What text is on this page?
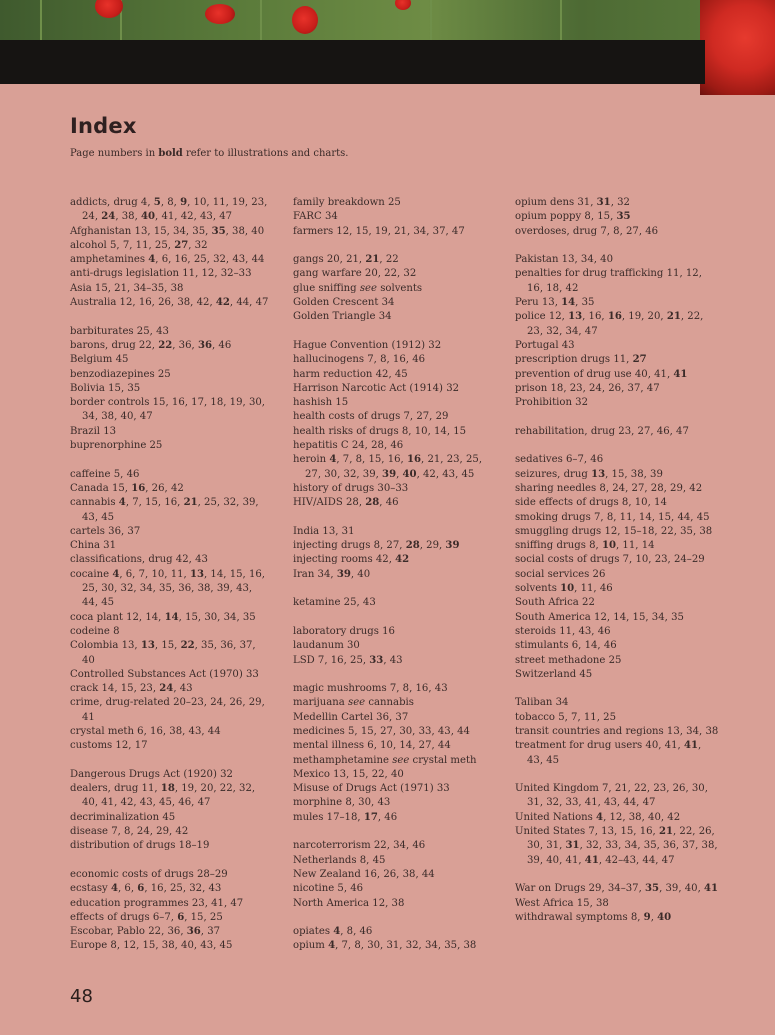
Index
Page numbers in bold refer to illustrations and charts.
addicts, drug 4, 5, 8, 9, 10, 11, 19, 23, 24, 24, 38, 40, 41, 42, 43, 47
Afghanistan 13, 15, 34, 35, 35, 38, 40
alcohol 5, 7, 11, 25, 27, 32
amphetamines 4, 6, 16, 25, 32, 43, 44
anti-drugs legislation 11, 12, 32–33
Asia 15, 21, 34–35, 38
Australia 12, 16, 26, 38, 42, 42, 44, 47
barbiturates 25, 43
barons, drug 22, 22, 36, 36, 46
Belgium 45
benzodiazepines 25
Bolivia 15, 35
border controls 15, 16, 17, 18, 19, 30, 34, 38, 40, 47
Brazil 13
buprenorphine 25
caffeine 5, 46
Canada 15, 16, 26, 42
cannabis 4, 7, 15, 16, 21, 25, 32, 39, 43, 45
cartels 36, 37
China 31
classifications, drug 42, 43
cocaine 4, 6, 7, 10, 11, 13, 14, 15, 16, 25, 30, 32, 34, 35, 36, 38, 39, 43, 44, 45
coca plant 12, 14, 14, 15, 30, 34, 35
codeine 8
Colombia 13, 13, 15, 22, 35, 36, 37, 40
Controlled Substances Act (1970) 33
crack 14, 15, 23, 24, 43
crime, drug-related 20–23, 24, 26, 29, 41
crystal meth 6, 16, 38, 43, 44
customs 12, 17
Dangerous Drugs Act (1920) 32
dealers, drug 11, 18, 19, 20, 22, 32, 40, 41, 42, 43, 45, 46, 47
decriminalization 45
disease 7, 8, 24, 29, 42
distribution of drugs 18–19
economic costs of drugs 28–29
ecstasy 4, 6, 6, 16, 25, 32, 43
education programmes 23, 41, 47
effects of drugs 6–7, 6, 15, 25
Escobar, Pablo 22, 36, 36, 37
Europe 8, 12, 15, 38, 40, 43, 45
family breakdown 25
FARC 34
farmers 12, 15, 19, 21, 34, 37, 47
gangs 20, 21, 21, 22
gang warfare 20, 22, 32
glue sniffing see solvents
Golden Crescent 34
Golden Triangle 34
Hague Convention (1912) 32
hallucinogens 7, 8, 16, 46
harm reduction 42, 45
Harrison Narcotic Act (1914) 32
hashish 15
health costs of drugs 7, 27, 29
health risks of drugs 8, 10, 14, 15
hepatitis C 24, 28, 46
heroin 4, 7, 8, 15, 16, 16, 21, 23, 25, 27, 30, 32, 39, 39, 40, 42, 43, 45
history of drugs 30–33
HIV/AIDS 28, 28, 46
India 13, 31
injecting drugs 8, 27, 28, 29, 39
injecting rooms 42, 42
Iran 34, 39, 40
ketamine 25, 43
laboratory drugs 16
laudanum 30
LSD 7, 16, 25, 33, 43
magic mushrooms 7, 8, 16, 43
marijuana see cannabis
Medellin Cartel 36, 37
medicines 5, 15, 27, 30, 33, 43, 44
mental illness 6, 10, 14, 27, 44
methamphetamine see crystal meth
Mexico 13, 15, 22, 40
Misuse of Drugs Act (1971) 33
morphine 8, 30, 43
mules 17–18, 17, 46
narcoterrorism 22, 34, 46
Netherlands 8, 45
New Zealand 16, 26, 38, 44
nicotine 5, 46
North America 12, 38
opiates 4, 8, 46
opium 4, 7, 8, 30, 31, 32, 34, 35, 38
opium dens 31, 31, 32
opium poppy 8, 15, 35
overdoses, drug 7, 8, 27, 46
Pakistan 13, 34, 40
penalties for drug trafficking 11, 12, 16, 18, 42
Peru 13, 14, 35
police 12, 13, 16, 16, 19, 20, 21, 22, 23, 32, 34, 47
Portugal 43
prescription drugs 11, 27
prevention of drug use 40, 41, 41
prison 18, 23, 24, 26, 37, 47
Prohibition 32
rehabilitation, drug 23, 27, 46, 47
sedatives 6–7, 46
seizures, drug 13, 15, 38, 39
sharing needles 8, 24, 27, 28, 29, 42
side effects of drugs 8, 10, 14
smoking drugs 7, 8, 11, 14, 15, 44, 45
smuggling drugs 12, 15–18, 22, 35, 38
sniffing drugs 8, 10, 11, 14
social costs of drugs 7, 10, 23, 24–29
social services 26
solvents 10, 11, 46
South Africa 22
South America 12, 14, 15, 34, 35
steroids 11, 43, 46
stimulants 6, 14, 46
street methadone 25
Switzerland 45
Taliban 34
tobacco 5, 7, 11, 25
transit countries and regions 13, 34, 38
treatment for drug users 40, 41, 41, 43, 45
United Kingdom 7, 21, 22, 23, 26, 30, 31, 32, 33, 41, 43, 44, 47
United Nations 4, 12, 38, 40, 42
United States 7, 13, 15, 16, 21, 22, 26, 30, 31, 31, 32, 33, 34, 35, 36, 37, 38, 39, 40, 41, 41, 42–43, 44, 47
War on Drugs 29, 34–37, 35, 39, 40, 41
West Africa 15, 38
withdrawal symptoms 8, 9, 40
48
